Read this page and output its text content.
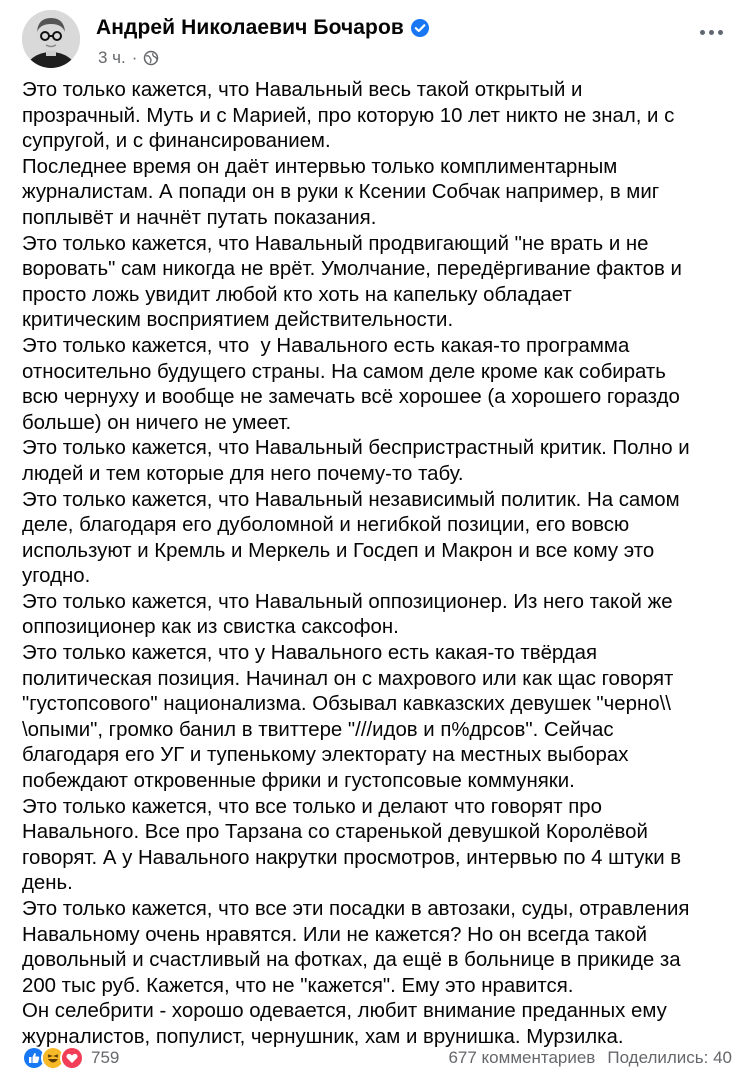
Андрей Николаевич Бочаров
3 ч. ·

Это только кажется, что Навальный весь такой открытый и
прозрачный. Муть и с Марией, про которую 10 лет никто не знал, и с
супругой, и с финансированием.

Последнее время он даёт интервью только комплиментарным
журналистам. А попади он в руки к Ксении Собчак например, в миг
поплывёт и начнёт путать показания.

Это только кажется, что Навальный продвигающий "не врать и не
воровать" сам никогда не врёт. Умолчание, передёргивание фактов и
просто ложь увидит любой кто хоть на капельку обладает
критическим восприятием действительности.

Это только кажется, что  у Навального есть какая-то программа
относительно будущего страны. На самом деле кроме как собирать
всю чернуху и вообще не замечать всё хорошее (а хорошего гораздо
больше) он ничего не умеет.

Это только кажется, что Навальный беспристрастный критик. Полно и
людей и тем которые для него почему-то табу.

Это только кажется, что Навальный независимый политик. На самом
деле, благодаря его дуболомной и негибкой позиции, его вовсю
используют и Кремль и Меркель и Госдеп и Макрон и все кому это
угодно.

Это только кажется, что Навальный оппозиционер. Из него такой же
оппозиционер как из свистка саксофон.

Это только кажется, что у Навального есть какая-то твёрдая
политическая позиция. Начинал он с махрового или как щас говорят
"густопсового" национализма. Обзывал кавказских девушек "черно\\
\опыми", громко банил в твиттере "///идов и п%дрсов". Сейчас
благодаря его УГ и тупенькому электорату на местных выборах
побеждают откровенные фрики и густопсовые коммуняки.

Это только кажется, что все только и делают что говорят про
Навального. Все про Тарзана со старенькой девушкой Королёвой
говорят. А у Навального накрутки просмотров, интервью по 4 штуки в
день.

Это только кажется, что все эти посадки в автозаки, суды, отравления
Навальному очень нравятся. Или не кажется? Но он всегда такой
довольный и счастливый на фотках, да ещё в больнице в прикиде за
200 тыс руб. Кажется, что не "кажется". Ему это нравится.

Он селебрити - хорошо одевается, любит внимание преданных ему
журналистов, популист, чернушник, хам и врунишка. Мурзилка.

759	677 комментариев Поделились: 40
